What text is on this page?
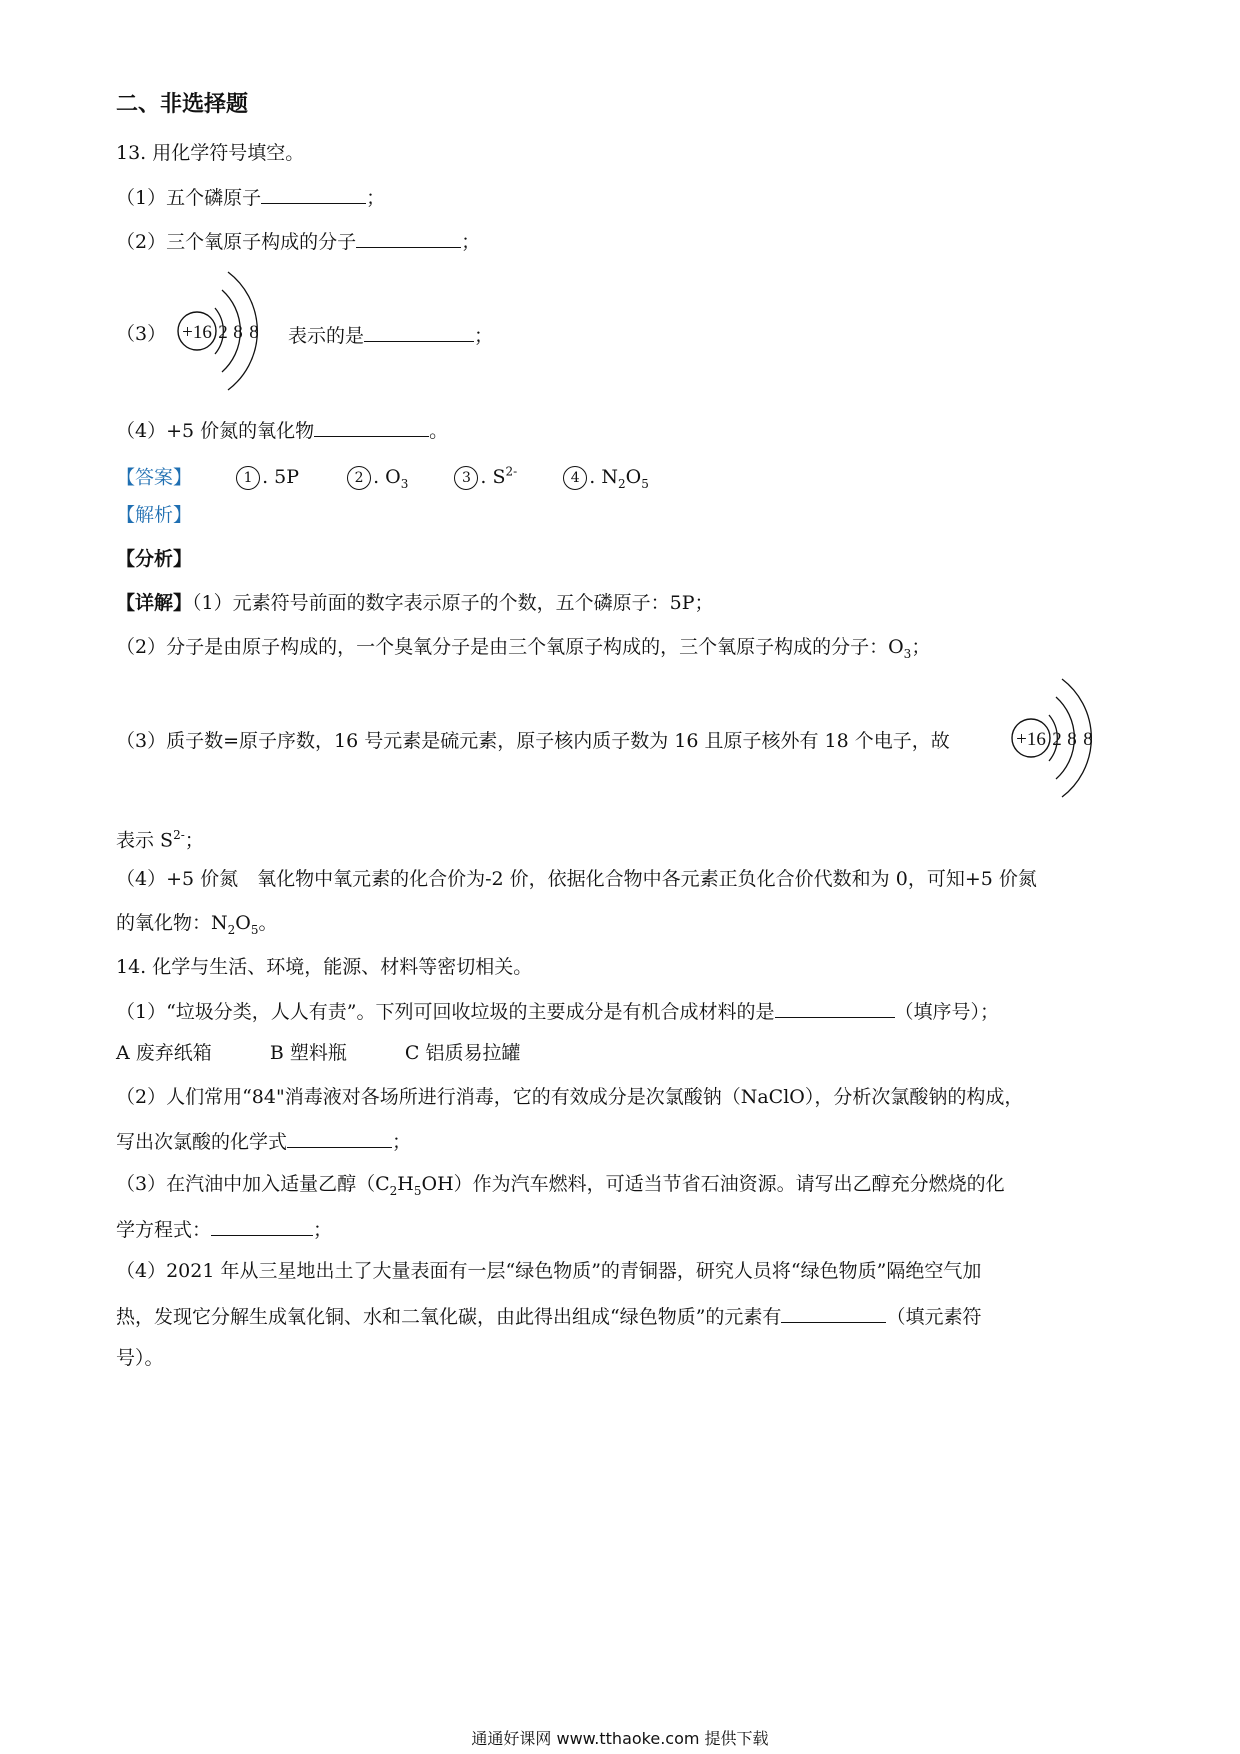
二、非选择题
13. 用化学符号填空。
（1）五个磷原子	；
（2）三个氧原子构成的分子	；
（3） +16 2 8 8 表示的是	；
（4）+5 价氮的氧化物	。
【答案】	1 . 5P	2 . $O_3$	3 . $S^{2-}$	4 . $N_2O_5$
【解析】
【分析】
【详解】（1）元素符号前面的数字表示原子的个数，五个磷原子：5P；
（2）分子是由原子构成的，一个臭氧分子是由三个氧原子构成的，三个氧原子构成的分子：$O_3$；
（3）质子数=原子序数，16 号元素是硫元素，原子核内质子数为 16 且原子核外有 18 个电子，故	+16 2 8 8
表示 $S^{2-}$；
（4）+5 价氮　氧化物中氧元素的化合价为-2 价，依据化合物中各元素正负化合价代数和为 0，可知+5 价氮
的氧化物：$N_2O_5$。
14. 化学与生活、环境，能源、材料等密切相关。
（1）“垃圾分类，人人有责”。下列可回收垃圾的主要成分是有机合成材料的是	（填序号）；
A 废弃纸箱	B 塑料瓶	C 铝质易拉罐
（2）人们常用“84"消毒液对各场所进行消毒，它的有效成分是次氯酸钠（NaClO），分析次氯酸钠的构成，
写出次氯酸的化学式	；
（3）在汽油中加入适量乙醇$(C_2H_5OH)$作为汽车燃料，可适当节省石油资源。请写出乙醇充分燃烧的化
学方程式：	；
（4）2021 年从三星地出土了大量表面有一层“绿色物质”的青铜器，研究人员将“绿色物质”隔绝空气加
热，发现它分解生成氧化铜、水和二氧化碳，由此得出组成“绿色物质”的元素有	（填元素符
号）。
通通好课网 www.tthaoke.com 提供下载
